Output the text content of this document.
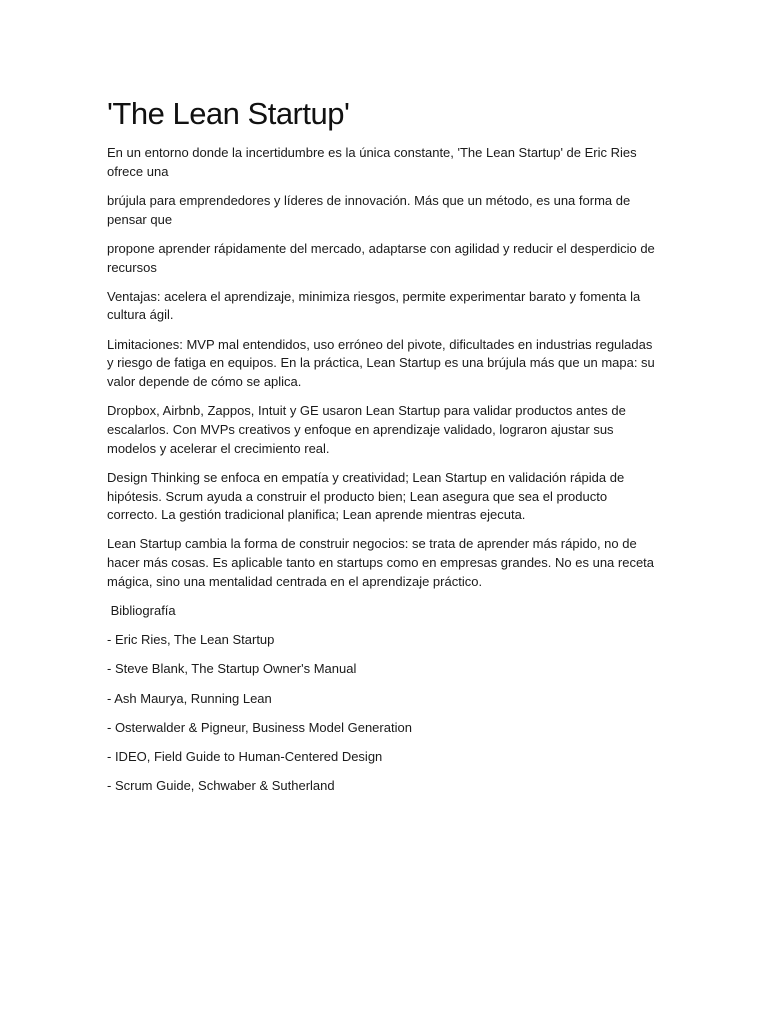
'The Lean Startup'

En un entorno donde la incertidumbre es la única constante, 'The Lean Startup' de Eric Ries ofrece una

brújula para emprendedores y líderes de innovación. Más que un método, es una forma de pensar que

propone aprender rápidamente del mercado, adaptarse con agilidad y reducir el desperdicio de recursos

Ventajas: acelera el aprendizaje, minimiza riesgos, permite experimentar barato y fomenta la cultura ágil.

Limitaciones: MVP mal entendidos, uso erróneo del pivote, dificultades en industrias reguladas y riesgo de fatiga en equipos. En la práctica, Lean Startup es una brújula más que un mapa: su valor depende de cómo se aplica.

Dropbox, Airbnb, Zappos, Intuit y GE usaron Lean Startup para validar productos antes de escalarlos. Con MVPs creativos y enfoque en aprendizaje validado, lograron ajustar sus modelos y acelerar el crecimiento real.

Design Thinking se enfoca en empatía y creatividad; Lean Startup en validación rápida de hipótesis. Scrum ayuda a construir el producto bien; Lean asegura que sea el producto correcto. La gestión tradicional planifica; Lean aprende mientras ejecuta.

Lean Startup cambia la forma de construir negocios: se trata de aprender más rápido, no de hacer más cosas. Es aplicable tanto en startups como en empresas grandes. No es una receta mágica, sino una mentalidad centrada en el aprendizaje práctico.

Bibliografía

- Eric Ries, The Lean Startup

- Steve Blank, The Startup Owner's Manual

- Ash Maurya, Running Lean

- Osterwalder & Pigneur, Business Model Generation

- IDEO, Field Guide to Human-Centered Design

- Scrum Guide, Schwaber & Sutherland
